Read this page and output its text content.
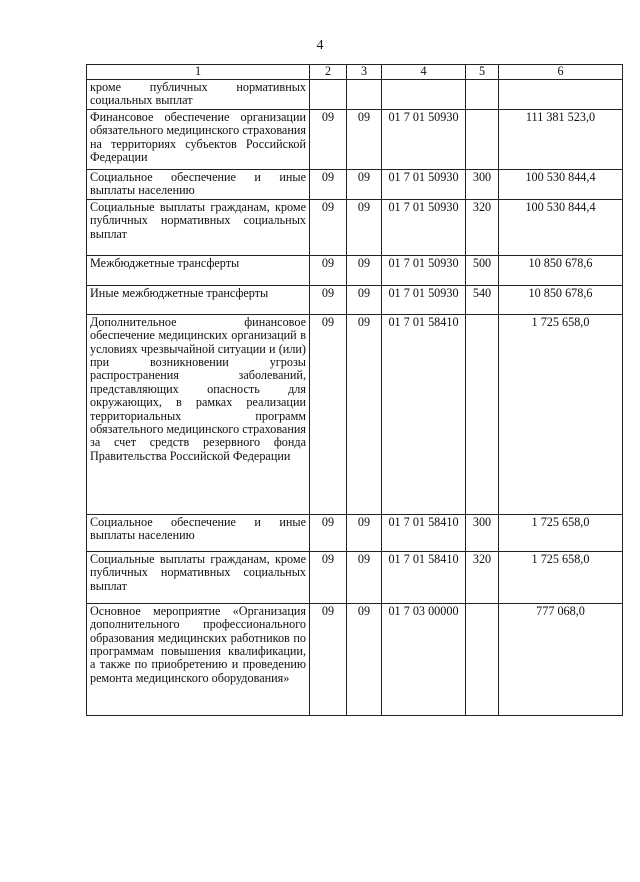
4
1	2	3	4	5	6
кроме публичных нормативных социальных выплат					
Финансовое обеспечение организации обязательного медицинского страхования на территориях субъектов Российской Федерации	09	09	01 7 01 50930		111 381 523,0
Социальное обеспечение и иные выплаты населению	09	09	01 7 01 50930	300	100 530 844,4
Социальные выплаты гражданам, кроме публичных нормативных социальных выплат	09	09	01 7 01 50930	320	100 530 844,4
Межбюджетные трансферты	09	09	01 7 01 50930	500	10 850 678,6
Иные межбюджетные трансферты	09	09	01 7 01 50930	540	10 850 678,6
Дополнительное финансовое обеспечение медицинских организаций в условиях чрезвычайной ситуации и (или) при возникновении угрозы распространения заболеваний, представляющих опасность для окружающих, в рамках реализации территориальных программ обязательного медицинского страхования за счет средств резервного фонда Правительства Российской Федерации	09	09	01 7 01 58410		1 725 658,0
Социальное обеспечение и иные выплаты населению	09	09	01 7 01 58410	300	1 725 658,0
Социальные выплаты гражданам, кроме публичных нормативных социальных выплат	09	09	01 7 01 58410	320	1 725 658,0
Основное мероприятие «Организация дополнительного профессионального образования медицинских работников по программам повышения квалификации, а также по приобретению и проведению ремонта медицинского оборудования»	09	09	01 7 03 00000		777 068,0
